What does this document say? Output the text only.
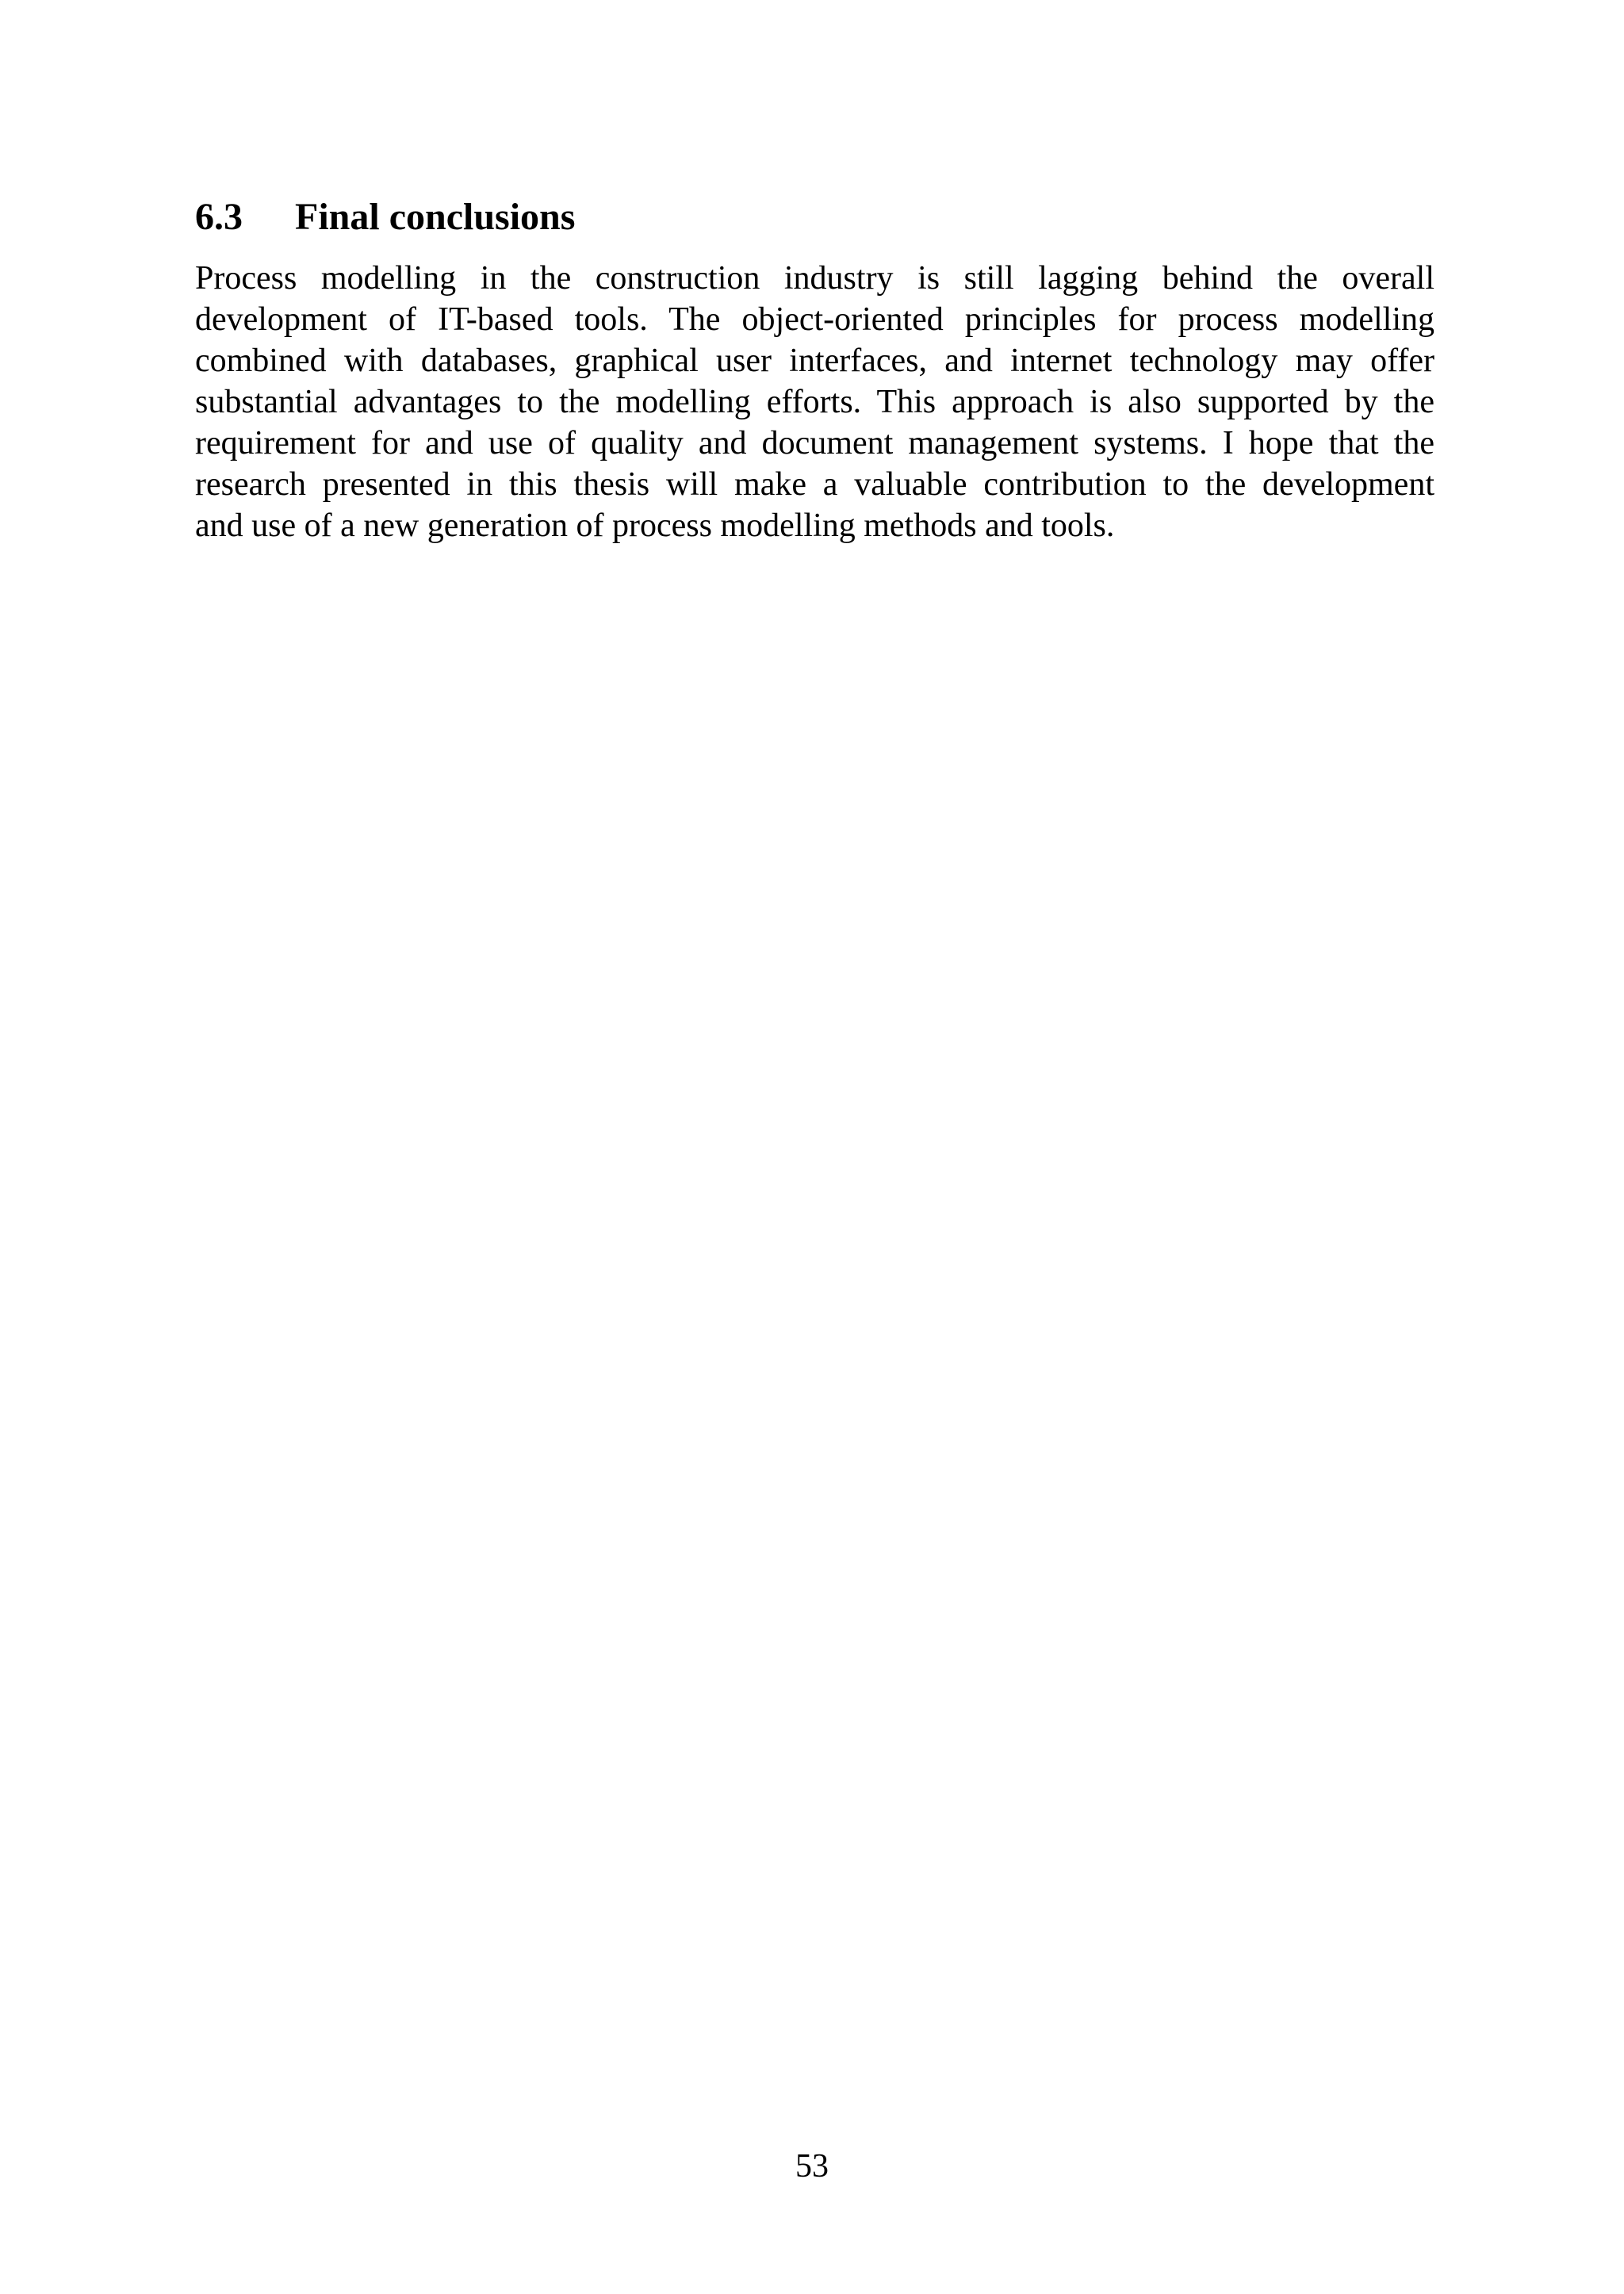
6.3 Final conclusions
Process modelling in the construction industry is still lagging behind the overall
development of IT-based tools. The object-oriented principles for process modelling
combined with databases, graphical user interfaces, and internet technology may offer
substantial advantages to the modelling efforts. This approach is also supported by the
requirement for and use of quality and document management systems. I hope that the
research presented in this thesis will make a valuable contribution to the development
and use of a new generation of process modelling methods and tools.
53
